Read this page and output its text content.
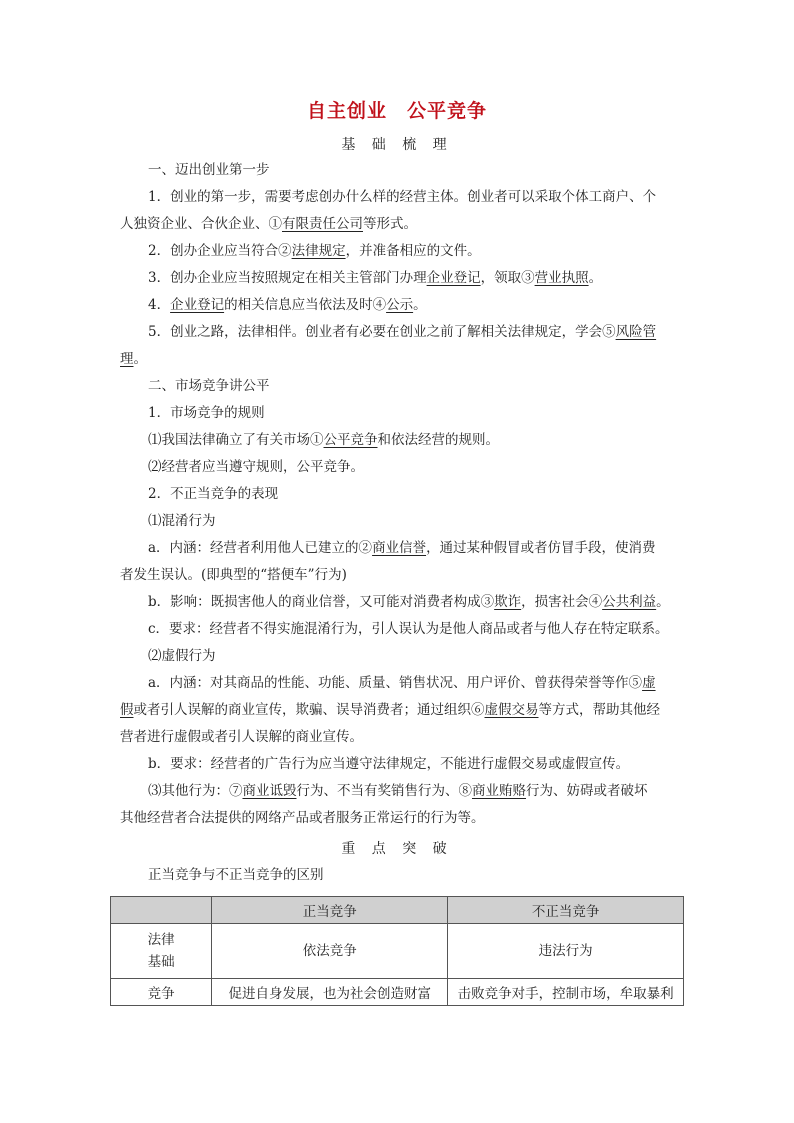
自主创业　公平竞争
基 础 梳 理
一、迈出创业第一步
1．创业的第一步，需要考虑创办什么样的经营主体。创业者可以采取个体工商户、个
人独资企业、合伙企业、①有限责任公司等形式。
2．创办企业应当符合②法律规定，并准备相应的文件。
3．创办企业应当按照规定在相关主管部门办理企业登记，领取③营业执照。
4．企业登记的相关信息应当依法及时④公示。
5．创业之路，法律相伴。创业者有必要在创业之前了解相关法律规定，学会⑤风险管
理。
二、市场竞争讲公平
1．市场竞争的规则
⑴我国法律确立了有关市场①公平竞争和依法经营的规则。
⑵经营者应当遵守规则，公平竞争。
2．不正当竞争的表现
⑴混淆行为
a．内涵：经营者利用他人已建立的②商业信誉，通过某种假冒或者仿冒手段，使消费
者发生误认。(即典型的“搭便车”行为)
b．影响：既损害他人的商业信誉，又可能对消费者构成③欺诈，损害社会④公共利益。
c．要求：经营者不得实施混淆行为，引人误认为是他人商品或者与他人存在特定联系。
⑵虚假行为
a．内涵：对其商品的性能、功能、质量、销售状况、用户评价、曾获得荣誉等作⑤虚
假或者引人误解的商业宣传，欺骗、误导消费者；通过组织⑥虚假交易等方式，帮助其他经
营者进行虚假或者引人误解的商业宣传。
b．要求：经营者的广告行为应当遵守法律规定，不能进行虚假交易或虚假宣传。
⑶其他行为：⑦商业诋毁行为、不当有奖销售行为、⑧商业贿赂行为、妨碍或者破坏
其他经营者合法提供的网络产品或者服务正常运行的行为等。
重 点 突 破
正当竞争与不正当竞争的区别
	正当竞争	不正当竞争
法律
基础	依法竞争	违法行为
竞争	促进自身发展，也为社会创造财富	击败竞争对手，控制市场，牟取暴利
